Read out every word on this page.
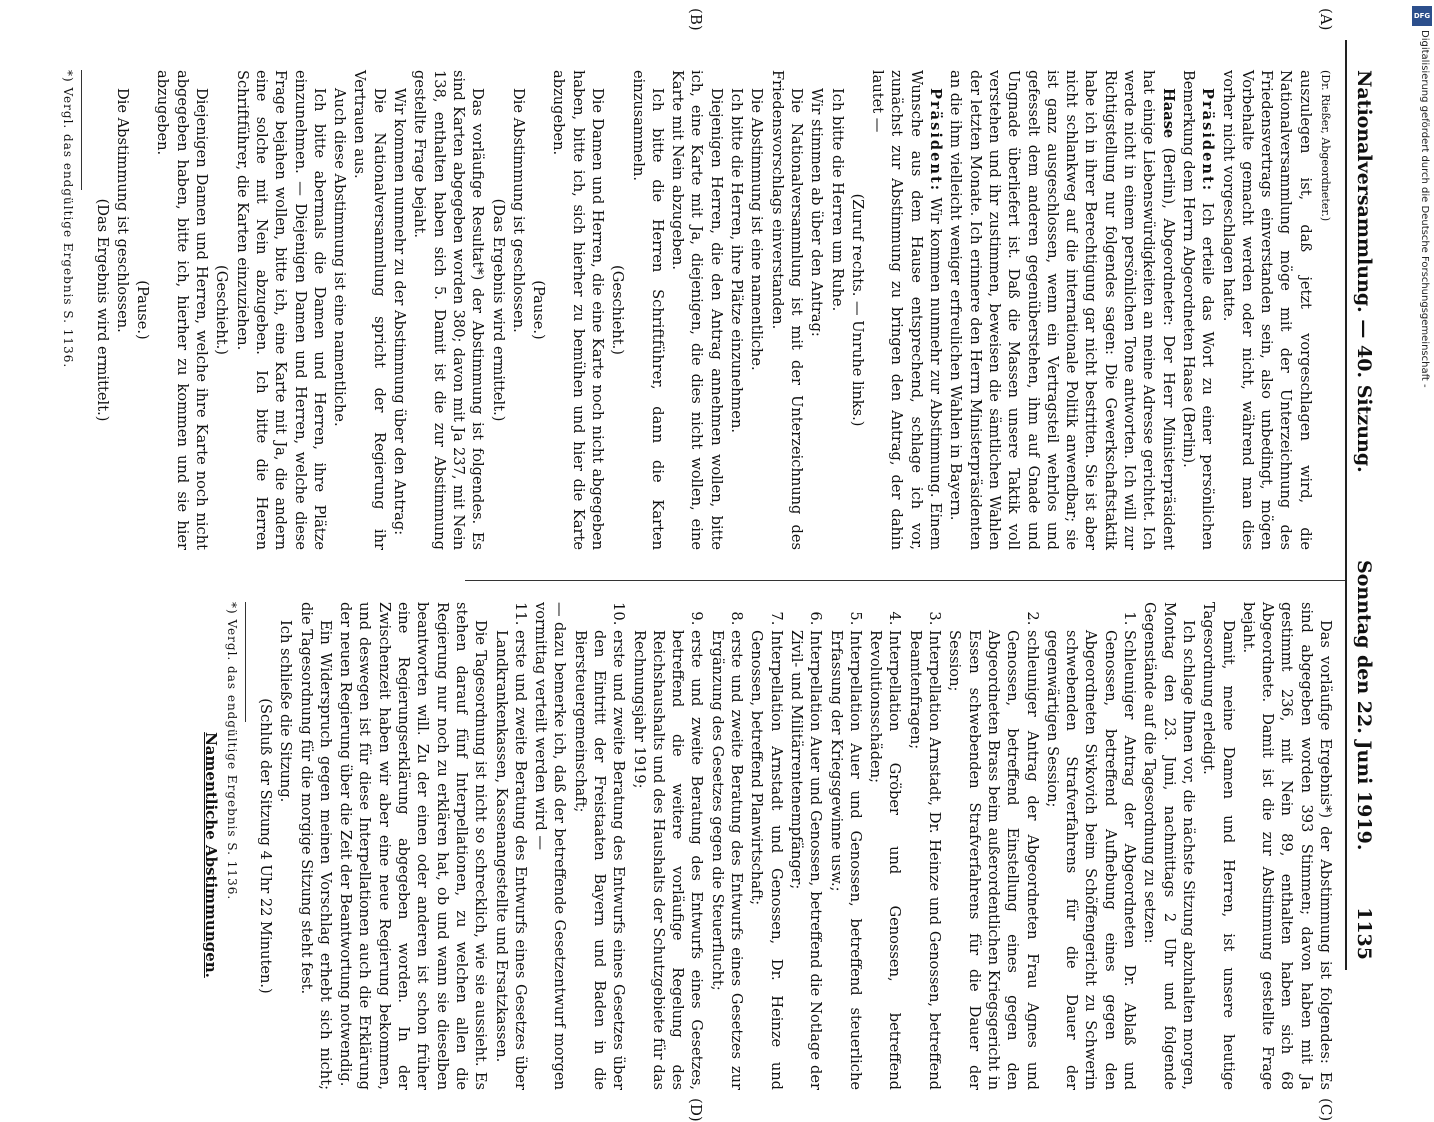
DFG
Digitalisierung gefördert durch die Deutsche Forschungsgemeinschaft -
Nationalversammlung. — 40. Sitzung.
Sonntag den 22. Juni 1919.
1135
(A)
(B)
(C)
(D)

(Dr. Rießer, Abgeordneter.)

auszulegen ist, daß jetzt vorgeschlagen wird, die Nationalversammlung möge mit der Unterzeichnung des Friedensvertrags einverstanden sein, also unbedingt, mögen Vorbehalte gemacht werden oder nicht, während man dies vorher nicht vorgeschlagen hatte.

Präsident: Ich erteile das Wort zu einer persönlichen Bemerkung dem Herrn Abgeordneten Haase (Berlin).

Haase (Berlin), Abgeordneter: Der Herr Ministerpräsident hat einige Liebenswürdigkeiten an meine Adresse gerichtet. Ich werde nicht in einem persönlichen Tone antworten. Ich will zur Richtigstellung nur folgendes sagen: Die Gewerkschaftstaktik habe ich in ihrer Berechtigung gar nicht bestritten. Sie ist aber nicht schlankweg auf die internationale Politik anwendbar; sie ist ganz ausgeschlossen, wenn ein Vertragsteil wehrlos und gefesselt dem anderen gegenüberstehen, ihm auf Gnade und Ungnade überliefert ist. Daß die Massen unsere Taktik voll verstehen und ihr zustimmen, beweisen die sämtlichen Wahlen der letzten Monate. Ich erinnere den Herrn Ministerpräsidenten an die ihm vielleicht weniger erfreulichen Wahlen in Bayern.

Präsident: Wir kommen nunmehr zur Abstimmung. Einem Wunsche aus dem Hause entsprechend, schlage ich vor, zunächst zur Abstimmung zu bringen den Antrag, der dahin lautet —

(Zuruf rechts. — Unruhe links.)

Ich bitte die Herren um Ruhe.

Wir stimmen ab über den Antrag:

Die Nationalversammlung ist mit der Unterzeichnung des Friedensvorschlags einverstanden.

Die Abstimmung ist eine namentliche.

Ich bitte die Herren, ihre Plätze einzunehmen.

Diejenigen Herren, die den Antrag annehmen wollen, bitte ich, eine Karte mit Ja, diejenigen, die dies nicht wollen, eine Karte mit Nein abzugeben.

Ich bitte die Herren Schriftführer, dann die Karten einzusammeln.

(Geschieht.)

Die Damen und Herren, die eine Karte noch nicht abgegeben haben, bitte ich, sich hierher zu bemühen und hier die Karte abzugeben.

(Pause.)

Die Abstimmung ist geschlossen.

(Das Ergebnis wird ermittelt.)

Das vorläufige Resultat*) der Abstimmung ist folgendes. Es sind Karten abgegeben worden 380; davon mit Ja 237, mit Nein 138, enthalten haben sich 5. Damit ist die zur Abstimmung gestellte Frage bejaht.

Wir kommen nunmehr zu der Abstimmung über den Antrag:

Die Nationalversammlung spricht der Regierung ihr Vertrauen aus.

Auch diese Abstimmung ist eine namentliche.

Ich bitte abermals die Damen und Herren, ihre Plätze einzunehmen. — Diejenigen Damen und Herren, welche diese Frage bejahen wollen, bitte ich, eine Karte mit Ja, die andern eine solche mit Nein abzugeben. Ich bitte die Herren Schriftführer, die Karten einzuziehen.

(Geschieht.)

Diejenigen Damen und Herren, welche ihre Karte noch nicht abgegeben haben, bitte ich, hierher zu kommen und sie hier abzugeben.

(Pause.)

Die Abstimmung ist geschlossen.

(Das Ergebnis wird ermittelt.)

*) Vergl. das endgültige Ergebnis S. 1136.

Das vorläufige Ergebnis*) der Abstimmung ist folgendes: Es sind abgegeben worden 393 Stimmen; davon haben mit Ja gestimmt 236, mit Nein 89, enthalten haben sich 68 Abgeordnete. Damit ist die zur Abstimmung gestellte Frage bejaht.

Damit, meine Damen und Herren, ist unsere heutige Tagesordnung erledigt.

Ich schlage Ihnen vor, die nächste Sitzung abzuhalten morgen, Montag den 23. Juni, nachmittags 2 Uhr und folgende Gegenstände auf die Tagesordnung zu setzen:

1. Schleuniger Antrag der Abgeordneten Dr. Ablaß und Genossen, betreffend Aufhebung eines gegen den Abgeordneten Sivkovich beim Schöffengericht zu Schwerin schwebenden Strafverfahrens für die Dauer der gegenwärtigen Session;
2. schleuniger Antrag der Abgeordneten Frau Agnes und Genossen, betreffend Einstellung eines gegen den Abgeordneten Brass beim außerordentlichen Kriegsgericht in Essen schwebenden Strafverfahrens für die Dauer der Session;
3. Interpellation Arnstadt, Dr. Heinze und Genossen, betreffend Beamtenfragen;
4. Interpellation Gröber und Genossen, betreffend Revolutionsschäden;
5. Interpellation Auer und Genossen, betreffend steuerliche Erfassung der Kriegsgewinne usw.;
6. Interpellation Auer und Genossen, betreffend die Notlage der Zivil- und Militärrentenempfänger;
7. Interpellation Arnstadt und Genossen, Dr. Heinze und Genossen, betreffend Planwirtschaft;
8. erste und zweite Beratung des Entwurfs eines Gesetzes zur Ergänzung des Gesetzes gegen die Steuerflucht;
9. erste und zweite Beratung des Entwurfs eines Gesetzes, betreffend die weitere vorläufige Regelung des Reichshaushalts und des Haushalts der Schutzgebiete für das Rechnungsjahr 1919;
10. erste und zweite Beratung des Entwurfs eines Gesetzes über den Eintritt der Freistaaten Bayern und Baden in die Biersteuergemeinschaft;

— dazu bemerke ich, daß der betreffende Gesetzentwurf morgen vormittag verteilt werden wird —

11. erste und zweite Beratung des Entwurfs eines Gesetzes über Landkrankenkassen, Kassenangestellte und Ersatzkassen.

Die Tagesordnung ist nicht so schrecklich, wie sie aussieht. Es stehen darauf fünf Interpellationen, zu welchen allen die Regierung nur noch zu erklären hat, ob und wann sie dieselben beantworten will. Zu der einen oder anderen ist schon früher eine Regierungserklärung abgegeben worden. In der Zwischenzeit haben wir aber eine neue Regierung bekommen, und deswegen ist für diese Interpellationen auch die Erklärung der neuen Regierung über die Zeit der Beantwortung notwendig.

Ein Widerspruch gegen meinen Vorschlag erhebt sich nicht; die Tagesordnung für die morgige Sitzung steht fest.

Ich schließe die Sitzung.

(Schluß der Sitzung 4 Uhr 22 Minuten.)

*) Vergl. das endgültige Ergebnis S. 1136.

Namentliche Abstimmungen.
